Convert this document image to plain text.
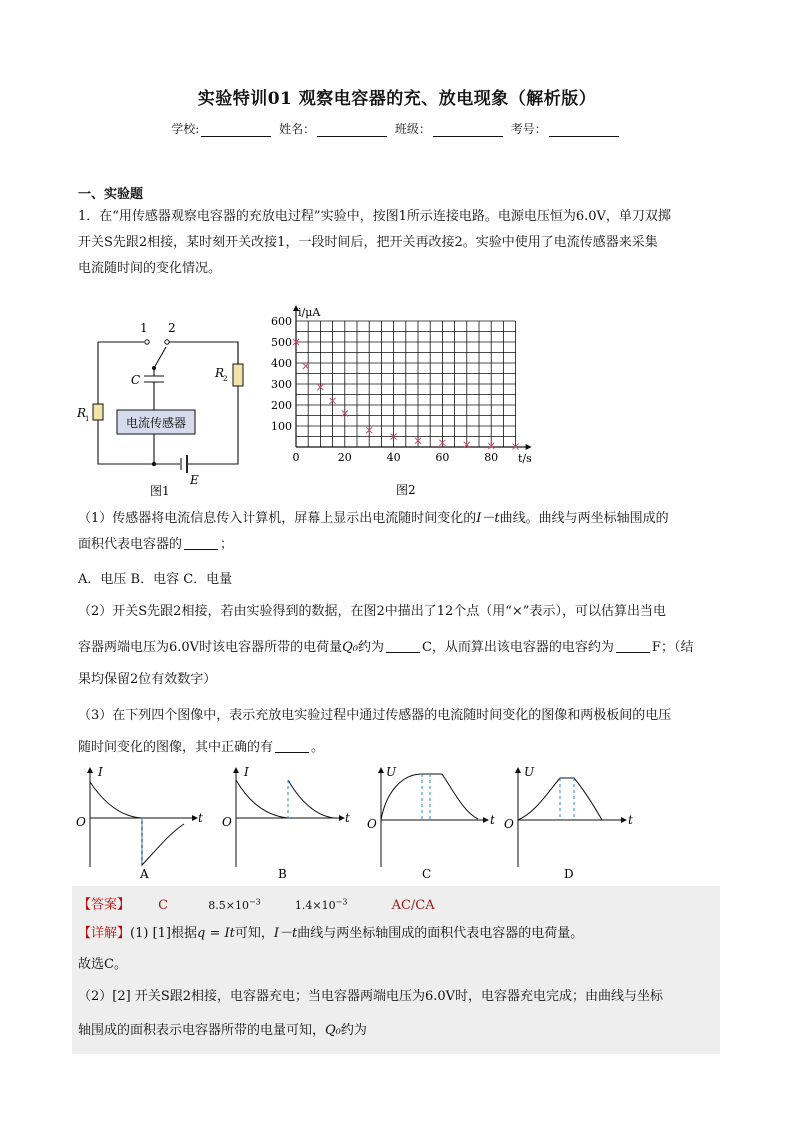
实验特训01 观察电容器的充、放电现象（解析版）
学校:	姓名：	班级：	考号：
一、实验题
1．在“用传感器观察电容器的充放电过程”实验中，按图1所示连接电路。电源电压恒为6.0V，单刀双掷
开关S先跟2相接，某时刻开关改接1，一段时间后，把开关再改接2。实验中使用了电流传感器来采集
电流随时间的变化情况。
电流传感器
1 2
C
R
1
R
2
E
图1
100
200
300
400
500
600
0	20	40	60	80
i/μA
t/s
图2
（1）传感器将电流信息传入计算机，屏幕上显示出电流随时间变化的I－t曲线。曲线与两坐标轴围成的
面积代表电容器的	；
A．电压 B．电容 C．电量
（2）开关S先跟2相接，若由实验得到的数据，在图2中描出了12个点（用“×”表示），可以估算出当电
容器两端电压为6.0V时该电容器所带的电荷量Q₀约为	C，从而算出该电容器的电容约为	F；（结
果均保留2位有效数字）
（3）在下列四个图像中，表示充放电实验过程中通过传感器的电流随时间变化的图像和两极板间的电压
随时间变化的图像，其中正确的有	。
I
O	t
A
I
O	t
B
U
O	t
C
U
O	t
D
【答案】 C	$8.5\times 10^{-3}$	$1.4\times 10^{-3}$	AC/CA
【详解】(1) [1]根据q = It可知，I－t曲线与两坐标轴围成的面积代表电容器的电荷量。
故选C。
（2）[2] 开关S跟2相接，电容器充电；当电容器两端电压为6.0V时，电容器充电完成；由曲线与坐标
轴围成的面积表示电容器所带的电量可知，Q₀约为
